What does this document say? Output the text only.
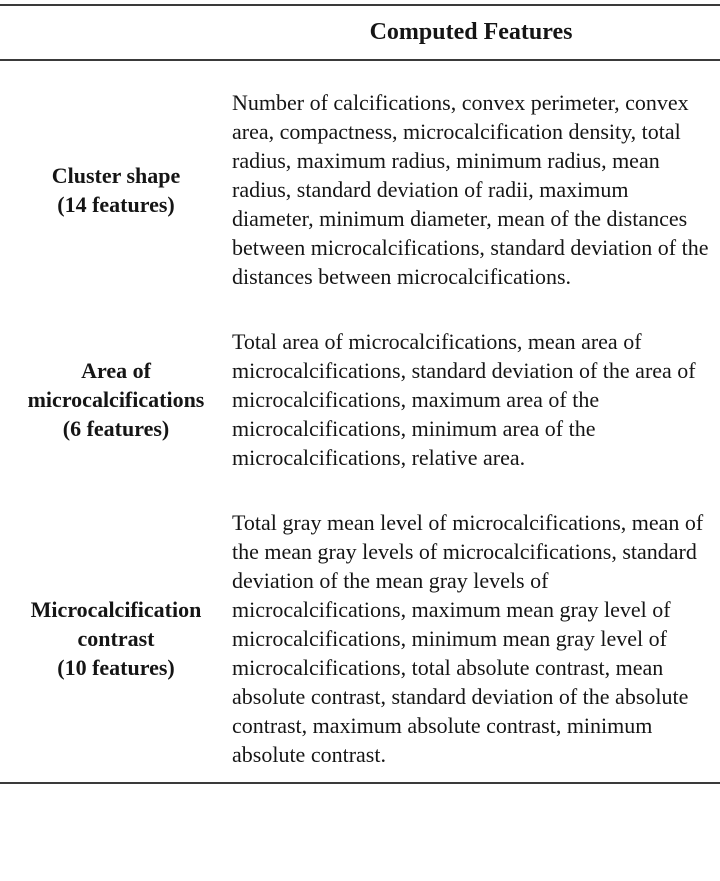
Computed Features
Cluster shape
(14 features)
Number of calcifications, convex perimeter, convex area, compactness, microcalcification density, total radius, maximum radius, minimum radius, mean radius, standard deviation of radii, maximum diameter, minimum diameter, mean of the distances between microcalcifications, standard deviation of the distances between microcalcifications.
Area of microcalcifications
(6 features)
Total area of microcalcifications, mean area of microcalcifications, standard deviation of the area of microcalcifications, maximum area of the microcalcifications, minimum area of the microcalcifications, relative area.
Microcalcification contrast
(10 features)
Total gray mean level of microcalcifications, mean of the mean gray levels of microcalcifications, standard deviation of the mean gray levels of microcalcifications, maximum mean gray level of microcalcifications, minimum mean gray level of microcalcifications, total absolute contrast, mean absolute contrast, standard deviation of the absolute contrast, maximum absolute contrast, minimum absolute contrast.
